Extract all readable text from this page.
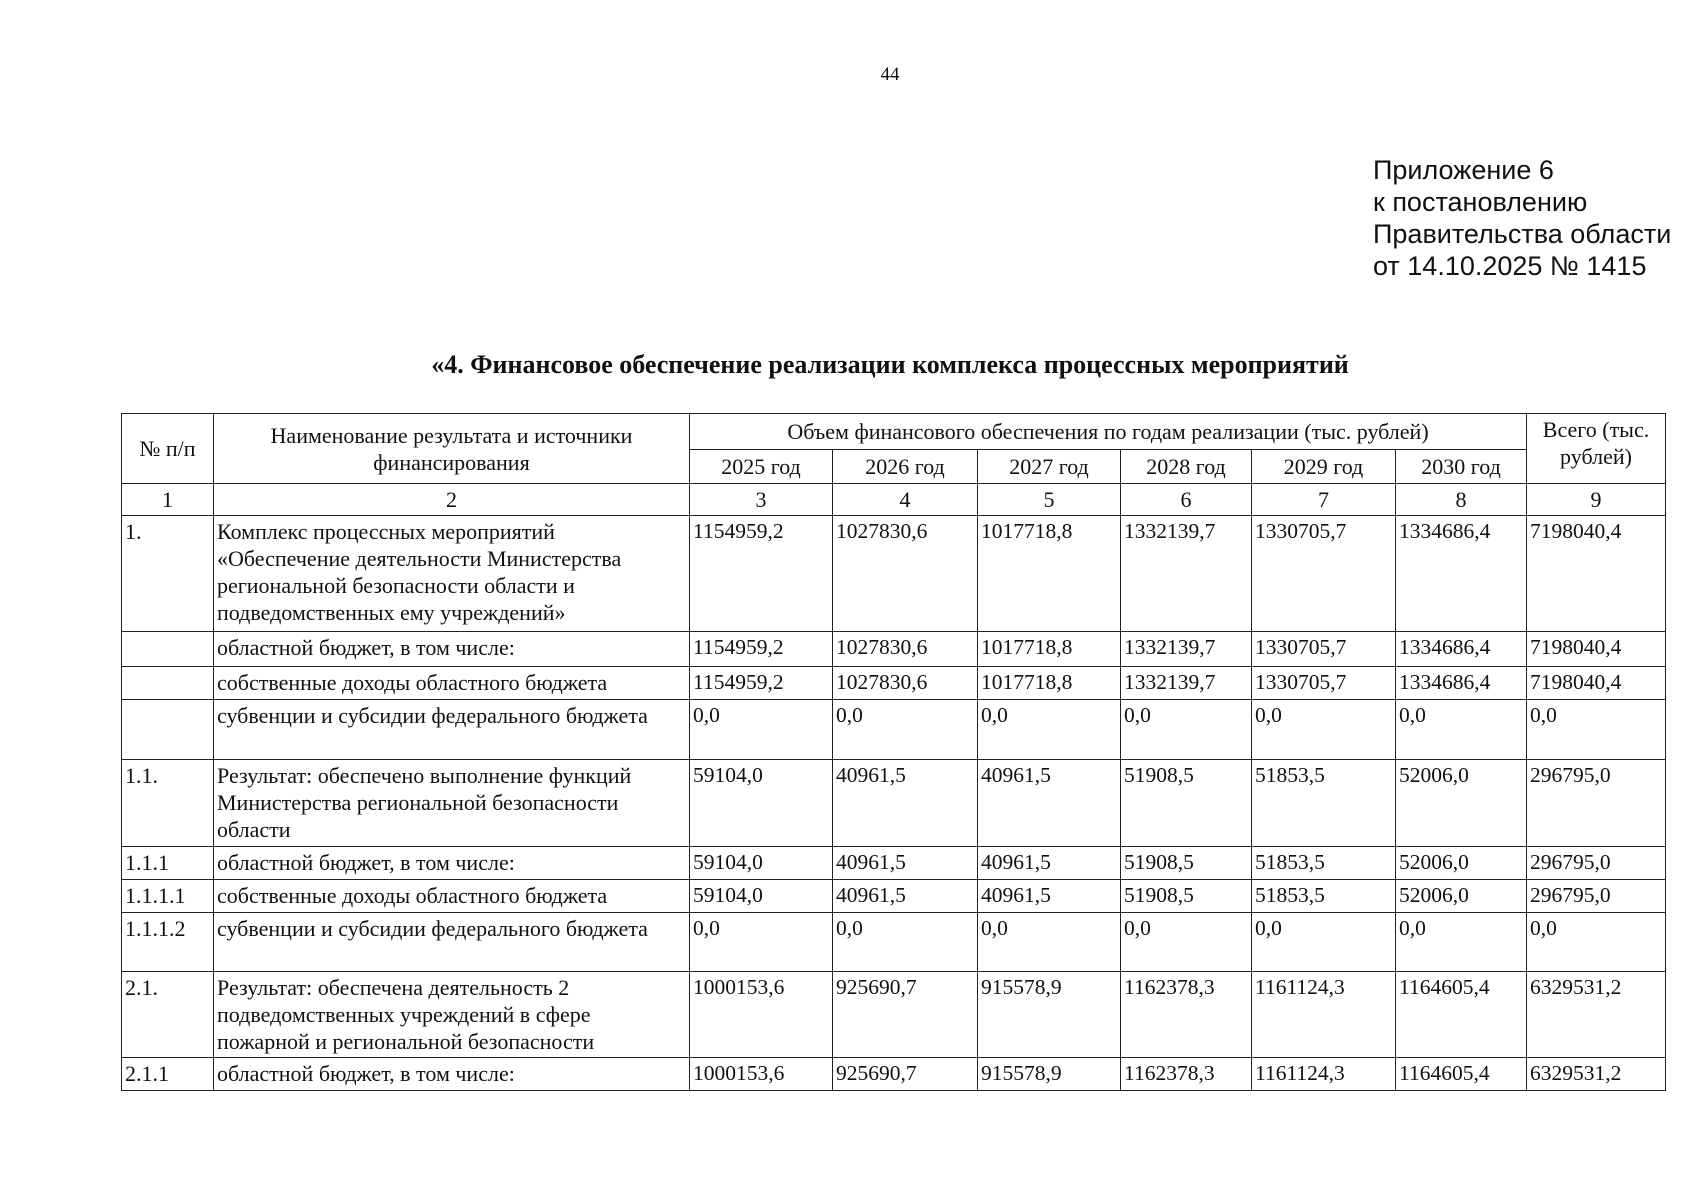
44
Приложение 6
к постановлению
Правительства области
от 14.10.2025 № 1415
«4. Финансовое обеспечение реализации комплекса процессных мероприятий
№ п/п	Наименование результата и источники финансирования	Объем финансового обеспечения по годам реализации (тыс. рублей)						Всего (тыс. рублей)
		2025 год	2026 год	2027 год	2028 год	2029 год	2030 год	
1	2	3	4	5	6	7	8	9
1.	Комплекс процессных мероприятий «Обеспечение деятельности Министерства региональной безопасности области и подведомственных ему учреждений»	1154959,2	1027830,6	1017718,8	1332139,7	1330705,7	1334686,4	7198040,4
	областной бюджет, в том числе:	1154959,2	1027830,6	1017718,8	1332139,7	1330705,7	1334686,4	7198040,4
	собственные доходы областного бюджета	1154959,2	1027830,6	1017718,8	1332139,7	1330705,7	1334686,4	7198040,4
	субвенции и субсидии федерального бюджета	0,0	0,0	0,0	0,0	0,0	0,0	0,0
1.1.	Результат: обеспечено выполнение функций Министерства региональной безопасности области	59104,0	40961,5	40961,5	51908,5	51853,5	52006,0	296795,0
1.1.1	областной бюджет, в том числе:	59104,0	40961,5	40961,5	51908,5	51853,5	52006,0	296795,0
1.1.1.1	собственные доходы областного бюджета	59104,0	40961,5	40961,5	51908,5	51853,5	52006,0	296795,0
1.1.1.2	субвенции и субсидии федерального бюджета	0,0	0,0	0,0	0,0	0,0	0,0	0,0
2.1.	Результат: обеспечена деятельность 2 подведомственных учреждений в сфере пожарной и региональной безопасности	1000153,6	925690,7	915578,9	1162378,3	1161124,3	1164605,4	6329531,2
2.1.1	областной бюджет, в том числе:	1000153,6	925690,7	915578,9	1162378,3	1161124,3	1164605,4	6329531,2
